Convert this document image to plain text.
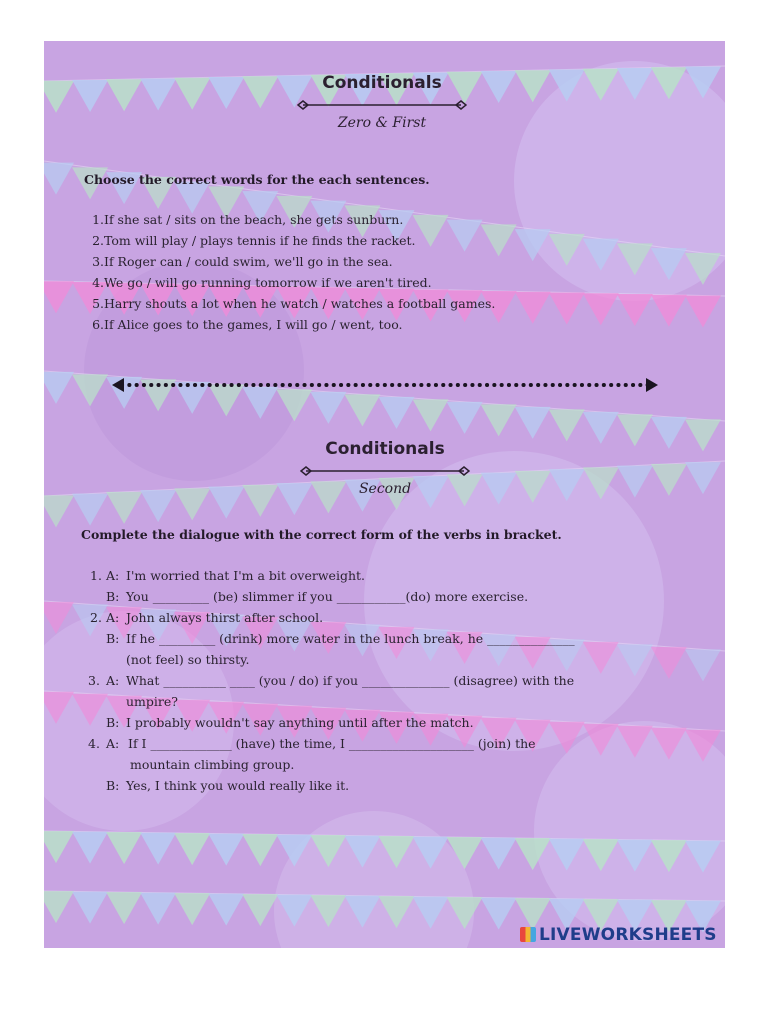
Conditionals
Zero & First
Choose the correct words for the each sentences.
1.If she sat / sits on the beach, she gets sunburn.
2.Tom will play / plays tennis if he finds the racket.
3.If Roger can / could swim, we'll go in the sea.
4.We go / will go running tomorrow if we aren't tired.
5.Harry shouts a lot when he watch / watches a football games.
6.If Alice goes to the games, I will go / went, too.
Conditionals
Second
Complete the dialogue with the correct form of the verbs in bracket.
1. A: I'm worried that I'm a bit overweight.
B: You _________ (be) slimmer if you ___________(do) more exercise.
2. A: John always thirst after school.
B: If he _________ (drink) more water in the lunch break, he ______________
(not feel) so thirsty.
3. A: What __________ ____ (you / do) if you ______________ (disagree) with the
umpire?
B: I probably wouldn't say anything until after the match.
4. A: If I _____________ (have) the time, I ____________________ (join) the
mountain climbing group.
B: Yes, I think you would really like it.
LIVEWORKSHEETS
